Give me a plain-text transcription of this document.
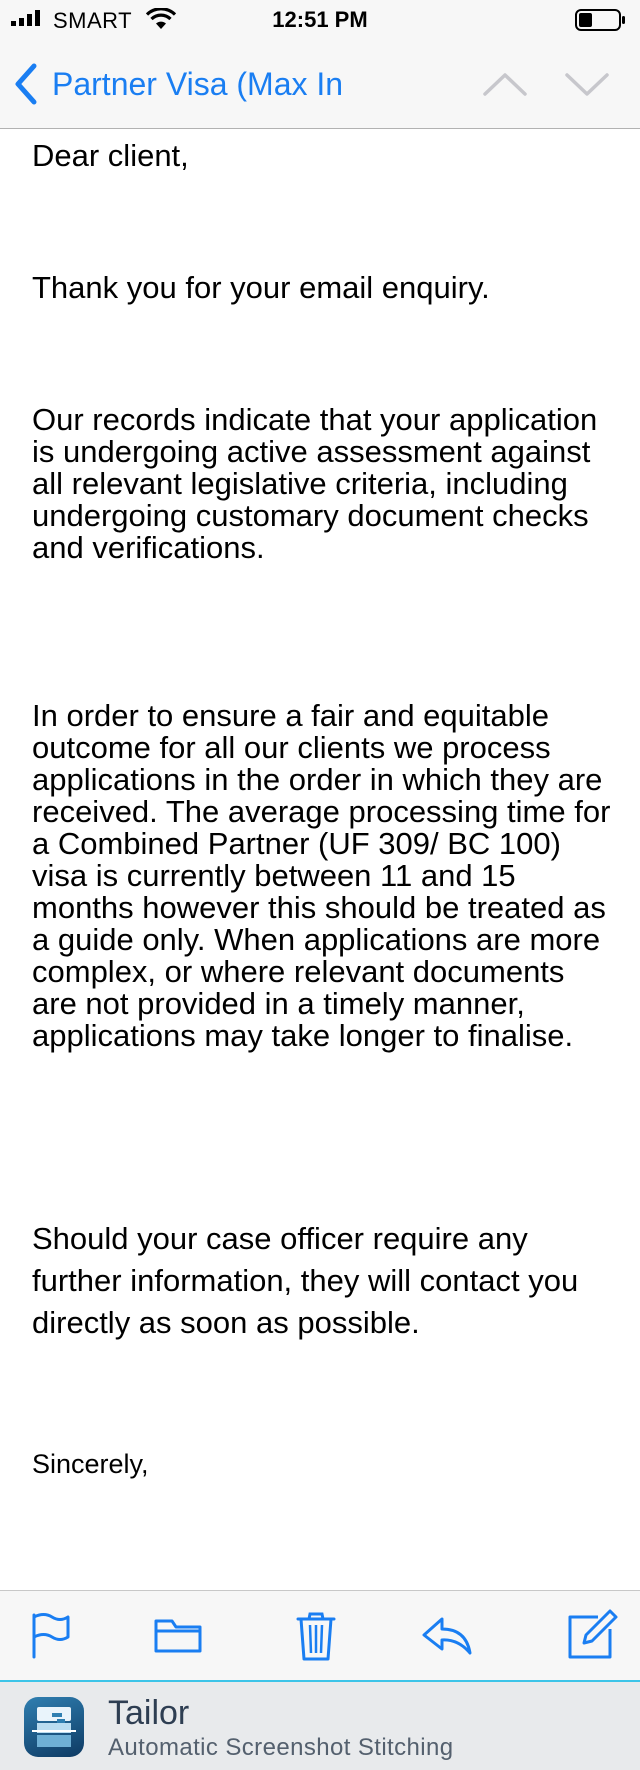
SMART	12:51 PM
Partner Visa (Max In

Dear client,

Thank you for your email enquiry.

Our records indicate that your application is undergoing active assessment against all relevant legislative criteria, including undergoing customary document checks and verifications.

In order to ensure a fair and equitable outcome for all our clients we process applications in the order in which they are received. The average processing time for a Combined Partner (UF 309/ BC 100) visa is currently between 11 and 15 months however this should be treated as a guide only. When applications are more complex, or where relevant documents are not provided in a timely manner, applications may take longer to finalise.

Should your case officer require any further information, they will contact you directly as soon as possible.

Sincerely,

Tailor
Automatic Screenshot Stitching
